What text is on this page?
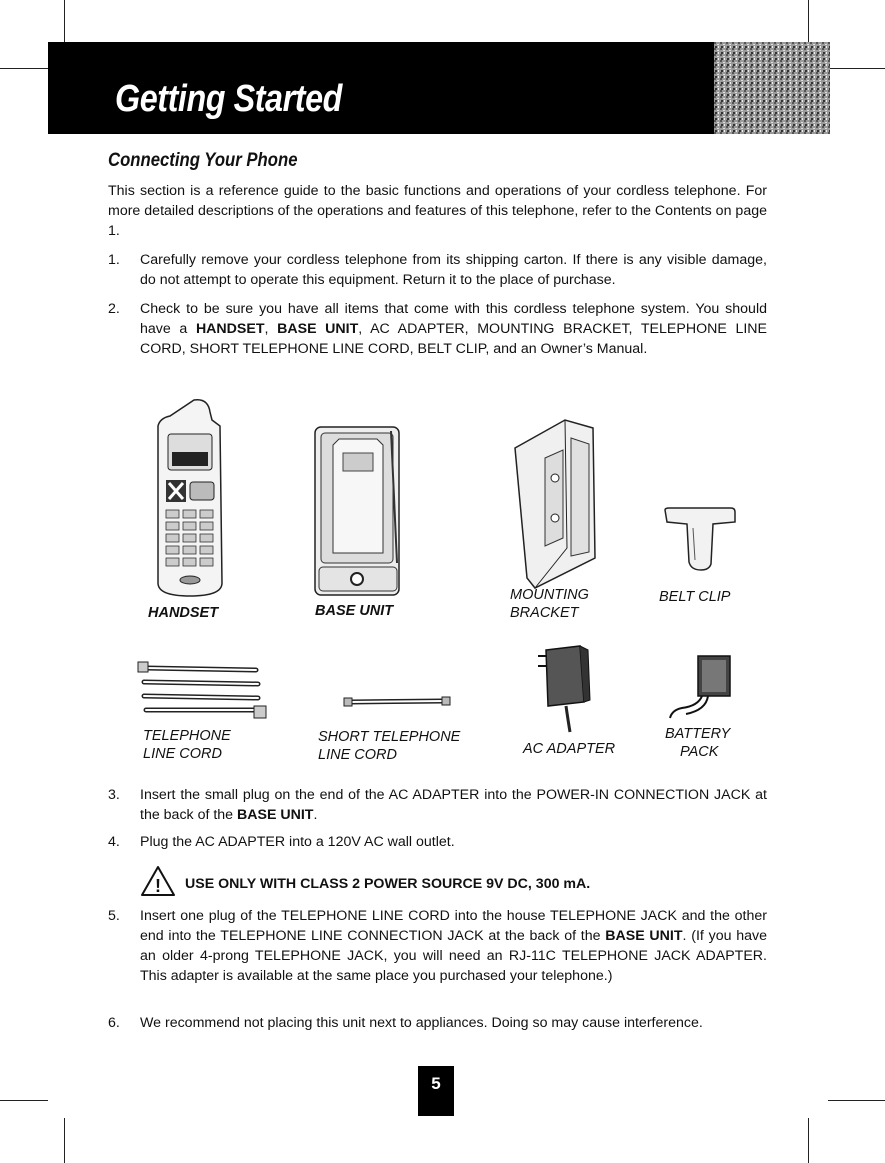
Getting Started
Connecting Your Phone
This section is a reference guide to the basic functions and operations of your cordless telephone. For more detailed descriptions of the operations and features of this telephone, refer to the Contents on page 1.
1. Carefully remove your cordless telephone from its shipping carton. If there is any visible damage, do not attempt to operate this equipment. Return it to the place of purchase.
2. Check to be sure you have all items that come with this cordless telephone system. You should have a HANDSET, BASE UNIT, AC ADAPTER, MOUNTING BRACKET, TELEPHONE LINE CORD, SHORT TELEPHONE LINE CORD, BELT CLIP, and an Owner’s Manual.
HANDSET	BASE UNIT
MOUNTING
BRACKET
BELT CLIP
TELEPHONE
LINE CORD
SHORT TELEPHONE
LINE CORD	AC ADAPTER
BATTERY
PACK
3. Insert the small plug on the end of the AC ADAPTER into the POWER-IN CONNECTION JACK at the back of the BASE UNIT.
4. Plug the AC ADAPTER into a 120V AC wall outlet.
! USE ONLY WITH CLASS 2 POWER SOURCE 9V DC, 300 mA.
5. Insert one plug of the TELEPHONE LINE CORD into the house TELEPHONE JACK and the other end into the TELEPHONE LINE CONNECTION JACK at the back of the BASE UNIT. (If you have an older 4-prong TELEPHONE JACK, you will need an RJ-11C TELEPHONE JACK ADAPTER. This adapter is available at the same place you purchased your telephone.)
6. We recommend not placing this unit next to appliances. Doing so may cause interference.
5
